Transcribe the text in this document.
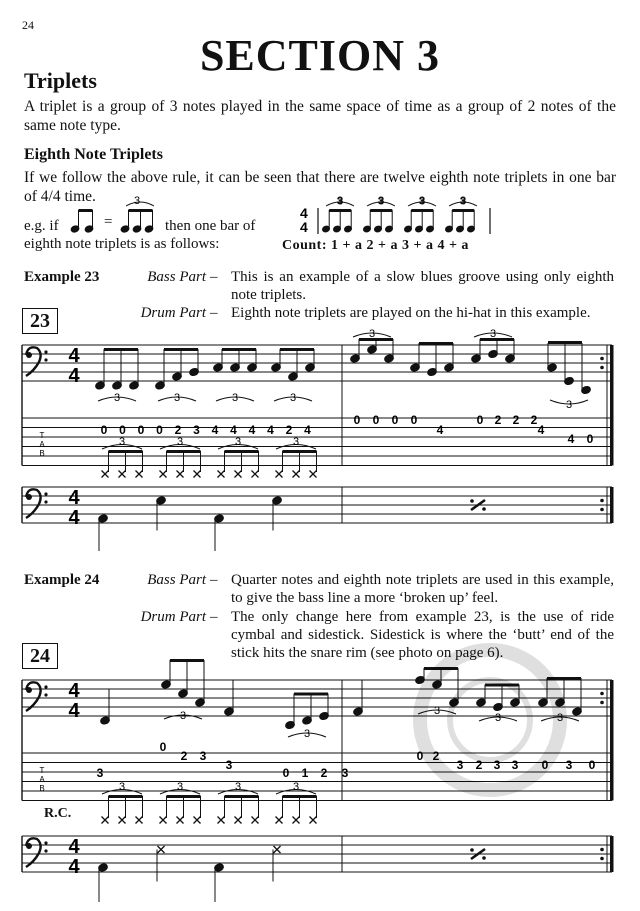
24
SECTION 3
Triplets
A triplet is a group of 3 notes played in the same space of time as a group of 2 notes of the same note type.
Eighth Note Triplets
If we follow the above rule, it can be seen that there are twelve eighth note triplets in one bar of 4/4 time.
e.g. if	=	then one bar of
eighth note triplets is as follows:	Count: 1 + a 2 + a 3 + a 4 + a
3
4
4
3	3	3	3
Example 23	Bass Part – This is an example of a slow blues groove using only eighth note triplets.
Drum Part – Eighth note triplets are played on the hi-hat in this example.
23
Example 24	Bass Part – Quarter notes and eighth note triplets are used in this example, to give the bass line a more ‘broken up’ feel.
Drum Part – The only change here from example 23, is the use of ride cymbal and sidestick. Sidestick is where the ‘butt’ end of the stick hits the snare rim (see photo on page 6).
24
R.C.
4
4
4
4
T
A
B
3	3	3	3
3	3
3
0 0 0 0 2 3 4 4 4 4 2 4
0 0 0 0
4
0 2 2 2
4
4 0
3	3	3	3
4
4
4
4
T
A
B
3
3
3
3	3
3
0
2 3
3
0 1 2 3
0 2
3 2 3 3 0 3 0
3	3	3	3
